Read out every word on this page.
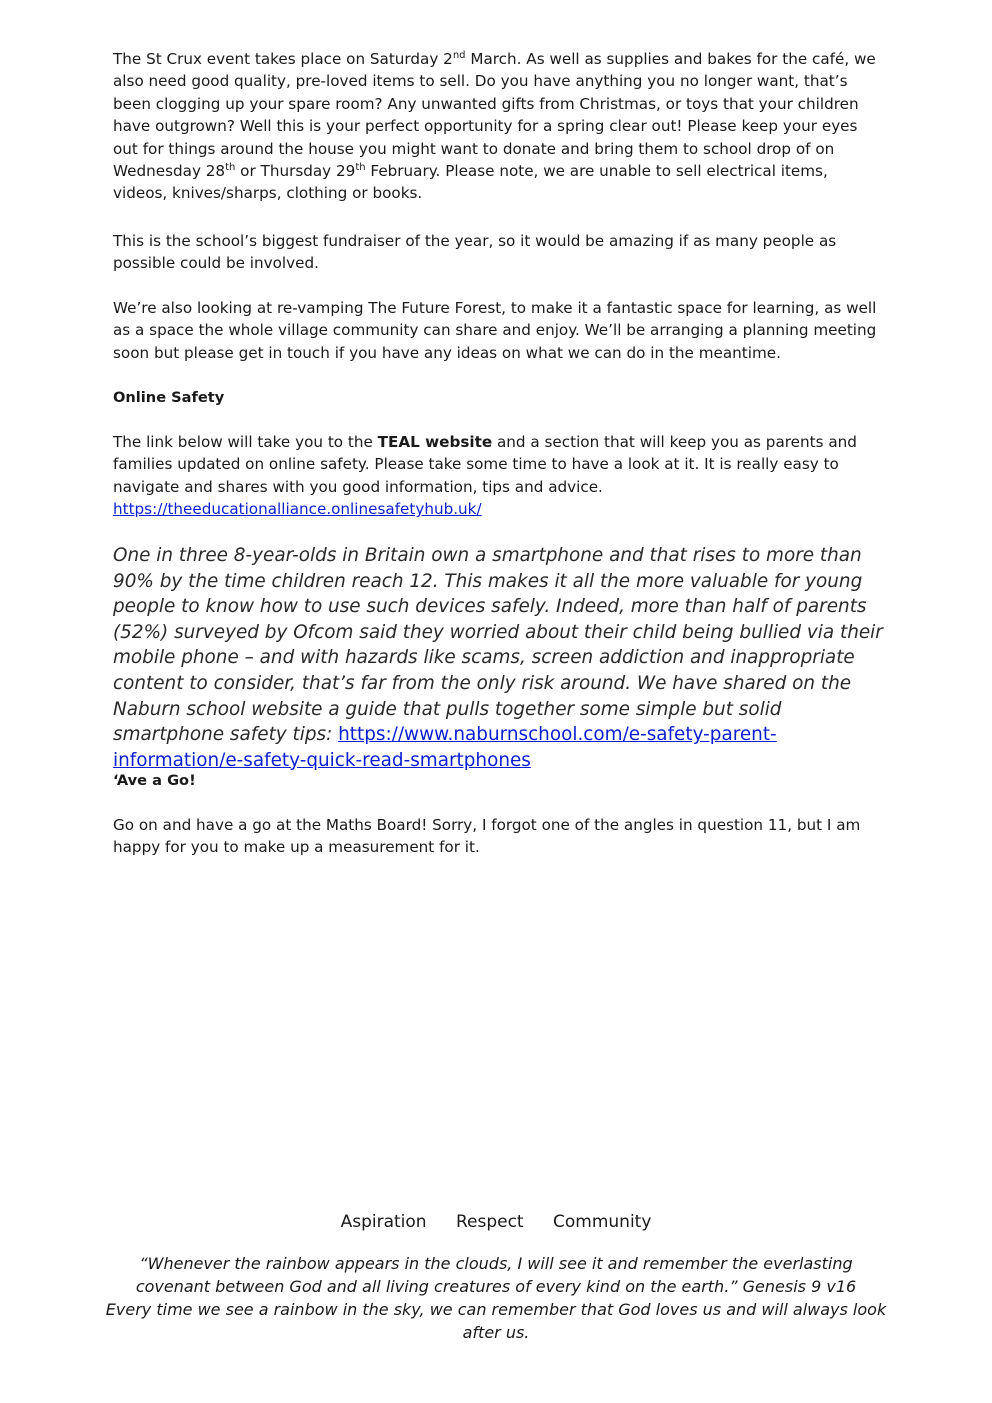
The St Crux event takes place on Saturday 2nd March. As well as supplies and bakes for the café, we also need good quality, pre-loved items to sell. Do you have anything you no longer want, that’s been clogging up your spare room? Any unwanted gifts from Christmas, or toys that your children have outgrown? Well this is your perfect opportunity for a spring clear out! Please keep your eyes out for things around the house you might want to donate and bring them to school drop of on Wednesday 28th or Thursday 29th February. Please note, we are unable to sell electrical items, videos, knives/sharps, clothing or books.

This is the school’s biggest fundraiser of the year, so it would be amazing if as many people as possible could be involved.

We’re also looking at re-vamping The Future Forest, to make it a fantastic space for learning, as well as a space the whole village community can share and enjoy. We’ll be arranging a planning meeting soon but please get in touch if you have any ideas on what we can do in the meantime.

Online Safety

The link below will take you to the TEAL website and a section that will keep you as parents and families updated on online safety. Please take some time to have a look at it. It is really easy to navigate and shares with you good information, tips and advice.

https://theeducationalliance.onlinesafetyhub.uk/
One in three 8-year-olds in Britain own a smartphone and that rises to more than 90% by the time children reach 12. This makes it all the more valuable for young people to know how to use such devices safely. Indeed, more than half of parents (52%) surveyed by Ofcom said they worried about their child being bullied via their mobile phone – and with hazards like scams, screen addiction and inappropriate content to consider, that’s far from the only risk around. We have shared on the Naburn school website a guide that pulls together some simple but solid smartphone safety tips: https://www.naburnschool.com/e-safety-parent-information/e-safety-quick-read-smartphones
‘Ave a Go!

Go on and have a go at the Maths Board! Sorry, I forgot one of the angles in question 11, but I am happy for you to make up a measurement for it.

Aspiration Respect Community
“Whenever the rainbow appears in the clouds, I will see it and remember the everlasting covenant between God and all living creatures of every kind on the earth.” Genesis 9 v16
Every time we see a rainbow in the sky, we can remember that God loves us and will always look after us.
